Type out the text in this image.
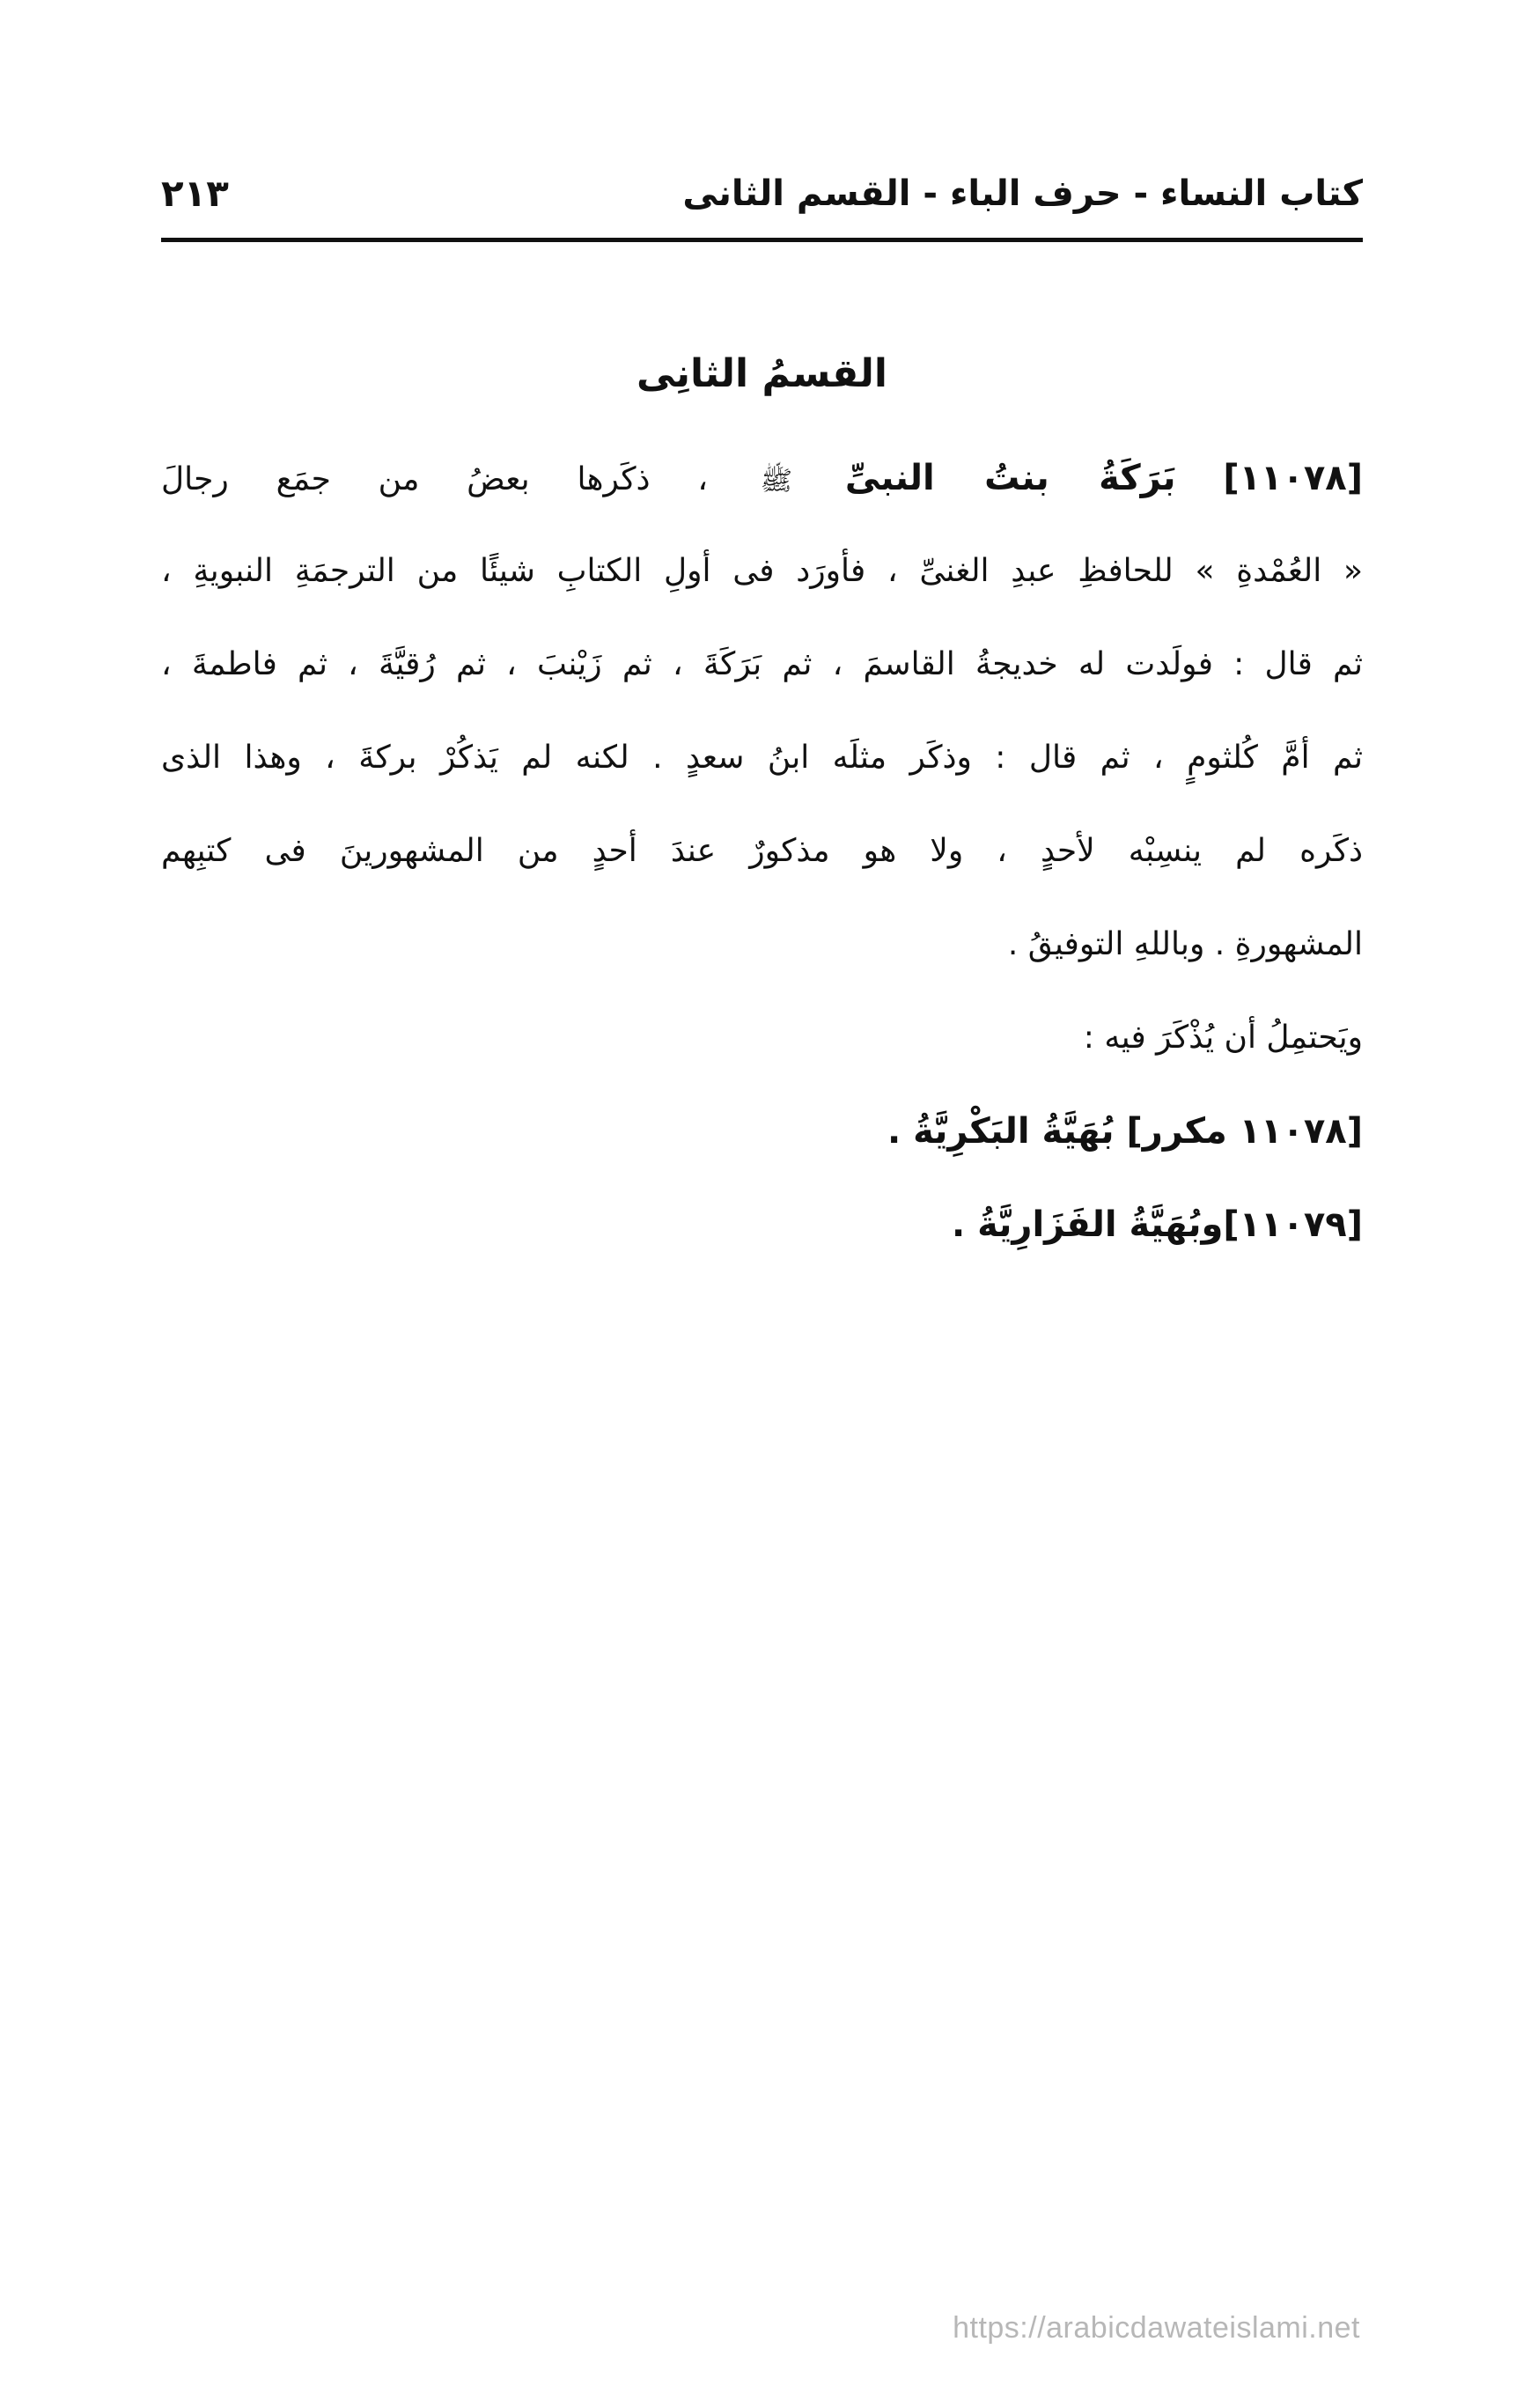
كتاب النساء - حرف الباء - القسم الثانى
٢١٣
القسمُ الثانِى
[١١٠٧٨] بَرَكَةُ بنتُ النبىِّ ﷺ ، ذكَرها بعضُ من جمَع رجالَ
« العُمْدةِ » للحافظِ عبدِ الغنىِّ ، فأورَد فى أولِ الكتابِ شيئًا من الترجمَةِ النبويةِ ،
ثم قال : فولَدت له خديجةُ القاسمَ ، ثم بَرَكَةَ ، ثم زَيْنبَ ، ثم رُقيَّةَ ، ثم فاطمةَ ،
ثم أمَّ كُلثومٍ ، ثم قال : وذكَر مثلَه ابنُ سعدٍ . لكنه لم يَذكُرْ بركةَ ، وهذا الذى
ذكَره لم ينسِبْه لأحدٍ ، ولا هو مذكورٌ عندَ أحدٍ من المشهورينَ فى كتبِهم
المشهورةِ . وباللهِ التوفيقُ .
ويَحتمِلُ أن يُذْكَرَ فيه :
[١١٠٧٨ مكرر] بُهَيَّةُ البَكْرِيَّةُ .
[١١٠٧٩]وبُهَيَّةُ الفَزَارِيَّةُ .
https://arabicdawateislami.net
